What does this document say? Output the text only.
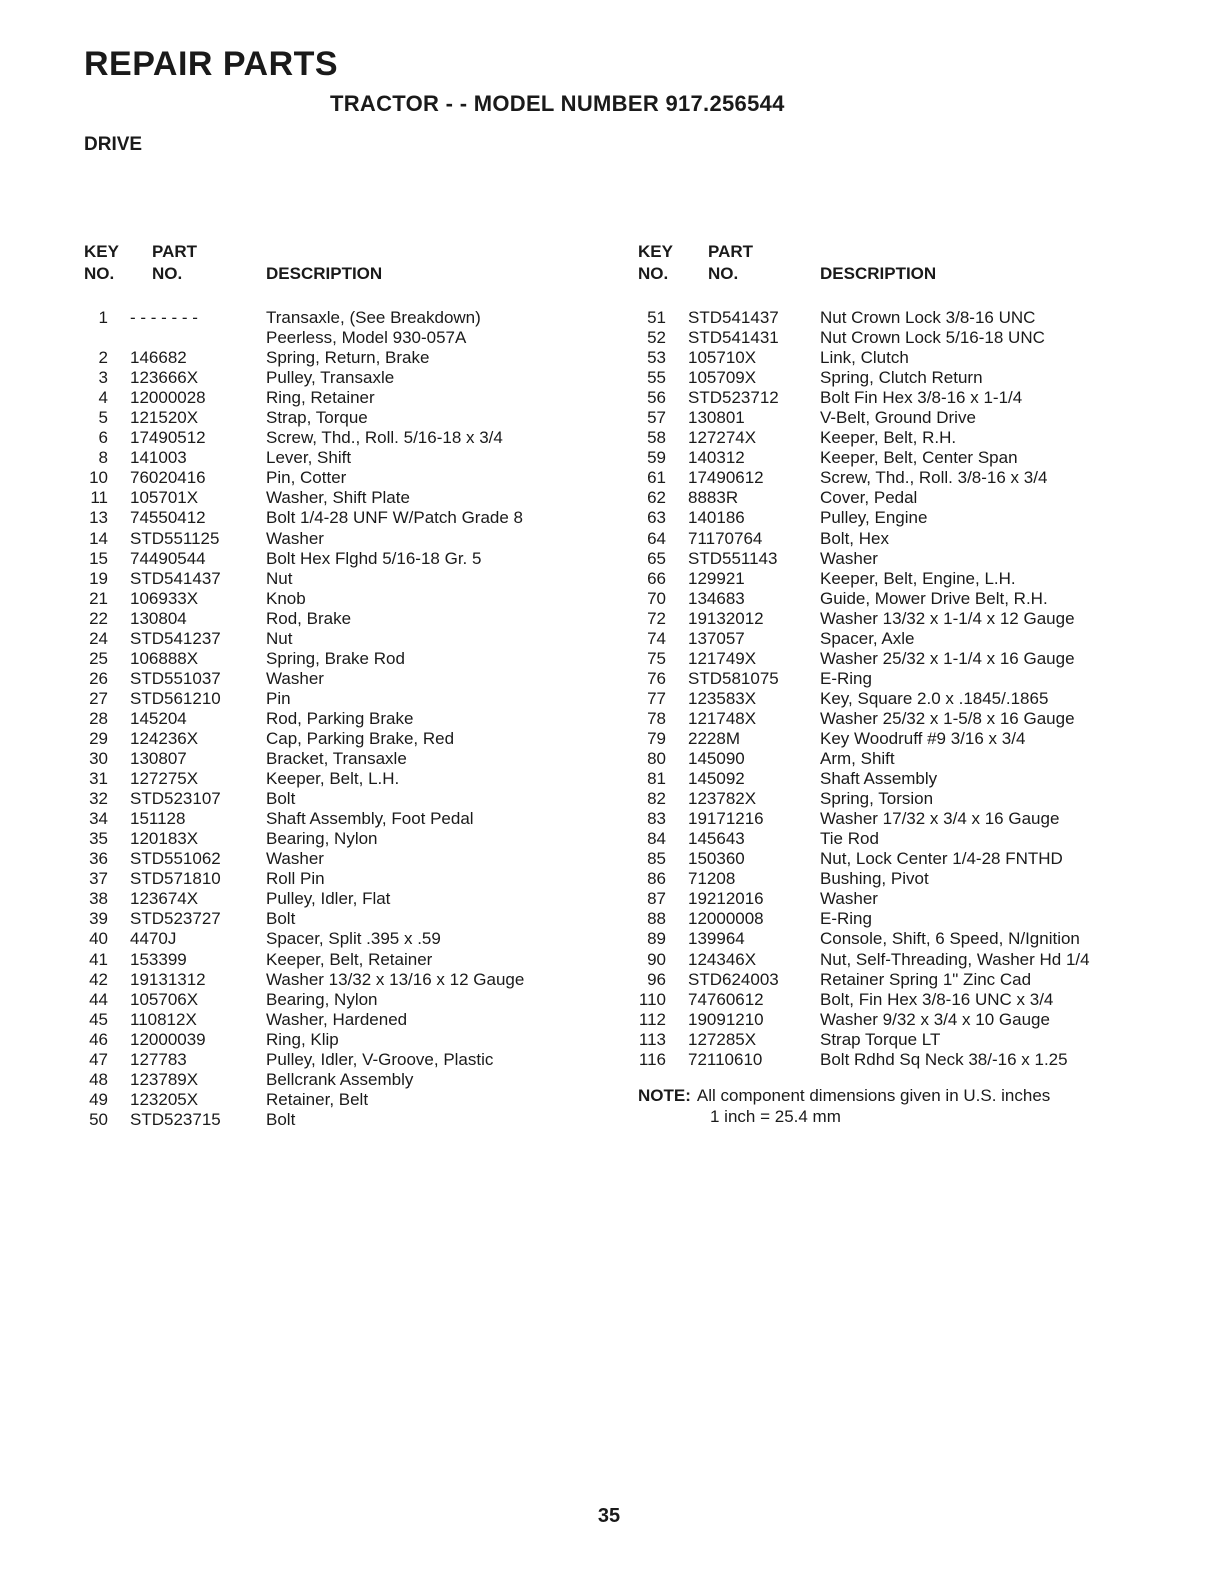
REPAIR PARTS
TRACTOR - - MODEL NUMBER 917.256544
DRIVE
KEY PART
NO. NO.	DESCRIPTION
1 - - - - - - -	Transaxle, (See Breakdown)
Peerless, Model 930-057A
2 146682	Spring, Return, Brake
3 123666X	Pulley, Transaxle
4 12000028	Ring, Retainer
5 121520X	Strap, Torque
6 17490512	Screw, Thd., Roll. 5/16-18 x 3/4
8 141003	Lever, Shift
10 76020416	Pin, Cotter
11 105701X	Washer, Shift Plate
13 74550412	Bolt 1/4-28 UNF W/Patch Grade 8
14 STD551125	Washer
15 74490544	Bolt Hex Flghd 5/16-18 Gr. 5
19 STD541437	Nut
21 106933X	Knob
22 130804	Rod, Brake
24 STD541237	Nut
25 106888X	Spring, Brake Rod
26 STD551037	Washer
27 STD561210	Pin
28 145204	Rod, Parking Brake
29 124236X	Cap, Parking Brake, Red
30 130807	Bracket, Transaxle
31 127275X	Keeper, Belt, L.H.
32 STD523107	Bolt
34 151128	Shaft Assembly, Foot Pedal
35 120183X	Bearing, Nylon
36 STD551062	Washer
37 STD571810	Roll Pin
38 123674X	Pulley, Idler, Flat
39 STD523727	Bolt
40 4470J	Spacer, Split .395 x .59
41 153399	Keeper, Belt, Retainer
42 19131312	Washer 13/32 x 13/16 x 12 Gauge
44 105706X	Bearing, Nylon
45 110812X	Washer, Hardened
46 12000039	Ring, Klip
47 127783	Pulley, Idler, V-Groove, Plastic
48 123789X	Bellcrank Assembly
49 123205X	Retainer, Belt
50 STD523715	Bolt
KEY PART
NO. NO.	DESCRIPTION
51 STD541437 Nut Crown Lock 3/8-16 UNC
52 STD541431 Nut Crown Lock 5/16-18 UNC
53 105710X	Link, Clutch
55 105709X	Spring, Clutch Return
56 STD523712 Bolt Fin Hex 3/8-16 x 1-1/4
57 130801	V-Belt, Ground Drive
58 127274X	Keeper, Belt, R.H.
59 140312	Keeper, Belt, Center Span
61 17490612	Screw, Thd., Roll. 3/8-16 x 3/4
62 8883R	Cover, Pedal
63 140186	Pulley, Engine
64 71170764	Bolt, Hex
65 STD551143	Washer
66 129921	Keeper, Belt, Engine, L.H.
70 134683	Guide, Mower Drive Belt, R.H.
72 19132012	Washer 13/32 x 1-1/4 x 12 Gauge
74 137057	Spacer, Axle
75 121749X	Washer 25/32 x 1-1/4 x 16 Gauge
76 STD581075 E-Ring
77 123583X	Key, Square 2.0 x .1845/.1865
78 121748X	Washer 25/32 x 1-5/8 x 16 Gauge
79 2228M	Key Woodruff #9 3/16 x 3/4
80 145090	Arm, Shift
81 145092	Shaft Assembly
82 123782X	Spring, Torsion
83 19171216	Washer 17/32 x 3/4 x 16 Gauge
84 145643	Tie Rod
85 150360	Nut, Lock Center 1/4-28 FNTHD
86 71208	Bushing, Pivot
87 19212016	Washer
88 12000008	E-Ring
89 139964	Console, Shift, 6 Speed, N/Ignition
90 124346X	Nut, Self-Threading, Washer Hd 1/4
96 STD624003 Retainer Spring 1" Zinc Cad
110 74760612	Bolt, Fin Hex 3/8-16 UNC x 3/4
112 19091210	Washer 9/32 x 3/4 x 10 Gauge
113 127285X	Strap Torque LT
116 72110610	Bolt Rdhd Sq Neck 38/-16 x 1.25
NOTE: All component dimensions given in U.S. inches
1 inch = 25.4 mm
35
